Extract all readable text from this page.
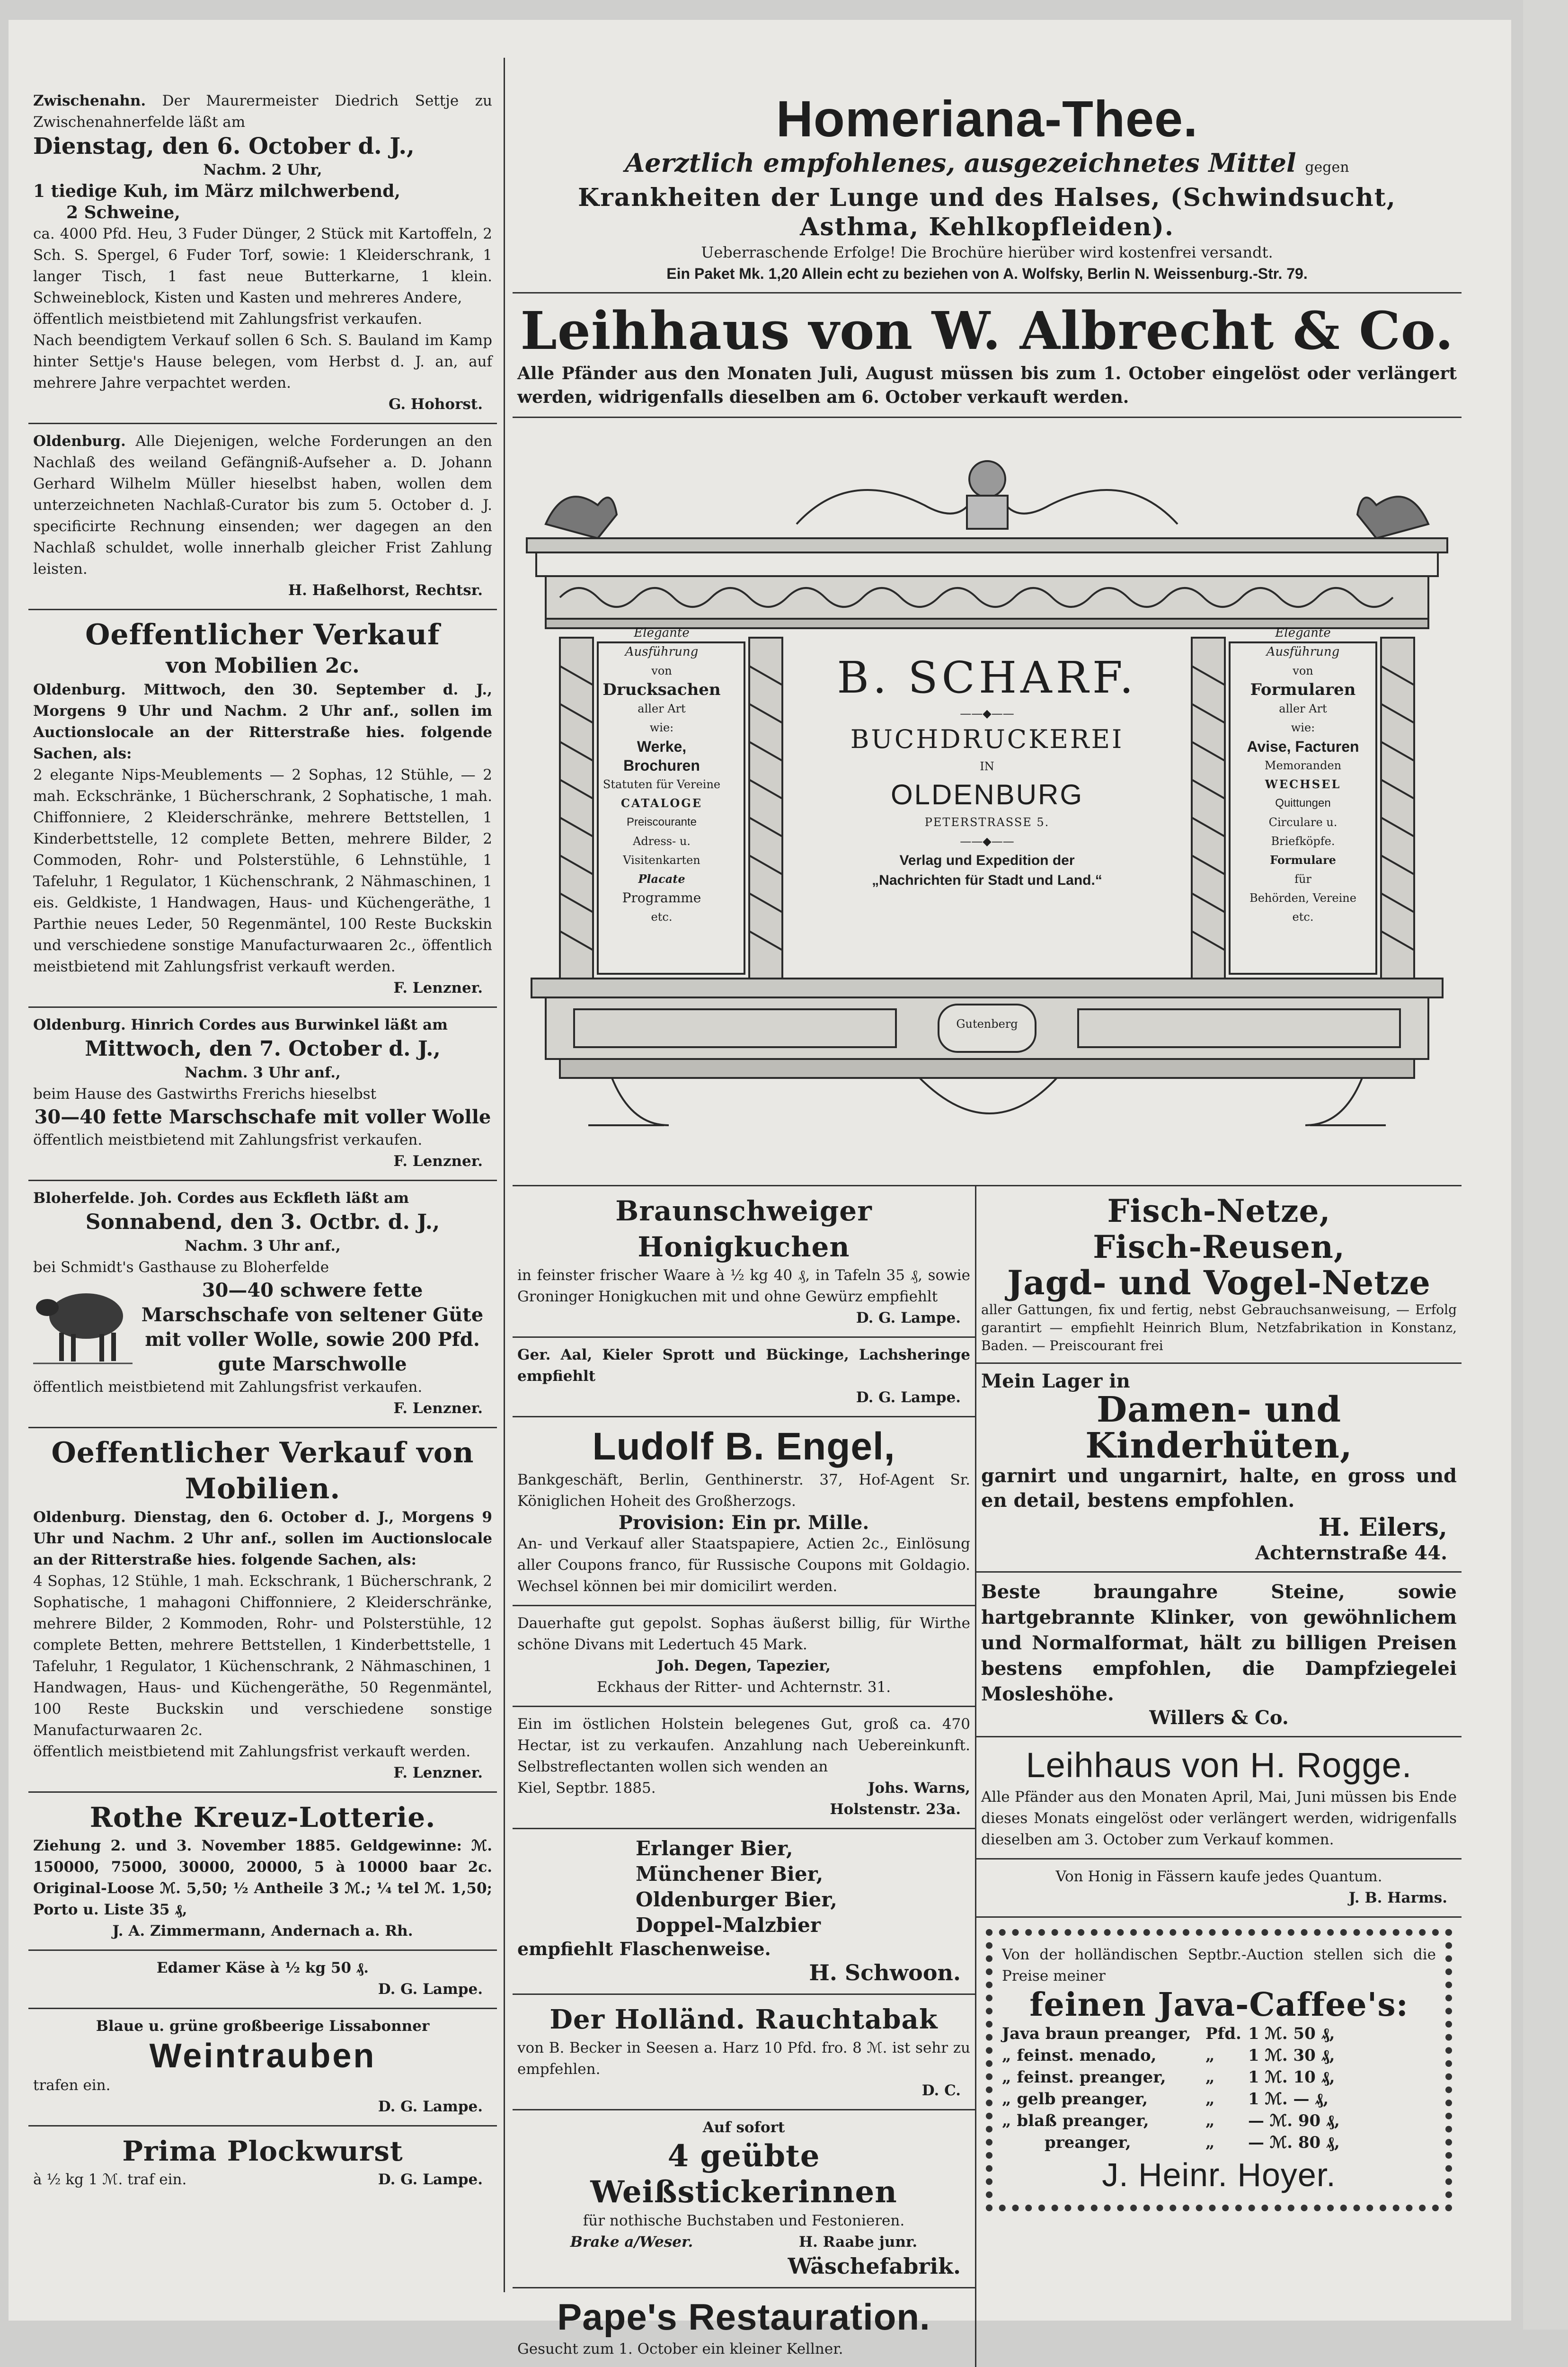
Zwischenahn. Der Maurermeister Diedrich Settje zu Zwischenahnerfelde läßt am

Dienstag, den 6. October d. J.,

Nachm. 2 Uhr,

1 tiedige Kuh, im März milchwerbend,

2 Schweine,

ca. 4000 Pfd. Heu, 3 Fuder Dünger, 2 Stück mit Kartoffeln, 2 Sch. S. Spergel, 6 Fuder Torf, sowie: 1 Kleiderschrank, 1 langer Tisch, 1 fast neue Butterkarne, 1 klein. Schweineblock, Kisten und Kasten und mehreres Andere,

öffentlich meistbietend mit Zahlungsfrist verkaufen.

Nach beendigtem Verkauf sollen 6 Sch. S. Bauland im Kamp hinter Settje's Hause belegen, vom Herbst d. J. an, auf mehrere Jahre verpachtet werden.

G. Hohorst.

Oldenburg. Alle Diejenigen, welche Forderungen an den Nachlaß des weiland Gefängniß-Aufseher a. D. Johann Gerhard Wilhelm Müller hieselbst haben, wollen dem unterzeichneten Nachlaß-Curator bis zum 5. October d. J. specificirte Rechnung einsenden; wer dagegen an den Nachlaß schuldet, wolle innerhalb gleicher Frist Zahlung leisten.

H. Haßelhorst, Rechtsr.

Oeffentlicher Verkauf

von Mobilien 2c.

Oldenburg. Mittwoch, den 30. September d. J., Morgens 9 Uhr und Nachm. 2 Uhr anf., sollen im Auctionslocale an der Ritterstraße hies. folgende Sachen, als:

2 elegante Nips-Meublements — 2 Sophas, 12 Stühle, — 2 mah. Eckschränke, 1 Bücherschrank, 2 Sophatische, 1 mah. Chiffonniere, 2 Kleiderschränke, mehrere Bettstellen, 1 Kinderbettstelle, 12 complete Betten, mehrere Bilder, 2 Commoden, Rohr- und Polsterstühle, 6 Lehnstühle, 1 Tafeluhr, 1 Regulator, 1 Küchenschrank, 2 Nähmaschinen, 1 eis. Geldkiste, 1 Handwagen, Haus- und Küchengeräthe, 1 Parthie neues Leder, 50 Regenmäntel, 100 Reste Buckskin und verschiedene sonstige Manufacturwaaren 2c., öffentlich meistbietend mit Zahlungsfrist verkauft werden.

F. Lenzner.

Oldenburg. Hinrich Cordes aus Burwinkel läßt am

Mittwoch, den 7. October d. J.,

Nachm. 3 Uhr anf.,

beim Hause des Gastwirths Frerichs hieselbst

30—40 fette Marschschafe mit voller Wolle

öffentlich meistbietend mit Zahlungsfrist verkaufen.

F. Lenzner.

Bloherfelde. Joh. Cordes aus Eckfleth läßt am

Sonnabend, den 3. Octbr. d. J.,

Nachm. 3 Uhr anf.,

bei Schmidt's Gasthause zu Bloherfelde

30—40 schwere fette Marschschafe von seltener Güte mit voller Wolle, sowie 200 Pfd. gute Marschwolle

öffentlich meistbietend mit Zahlungsfrist verkaufen.

F. Lenzner.

Oeffentlicher Verkauf von Mobilien.

Oldenburg. Dienstag, den 6. October d. J., Morgens 9 Uhr und Nachm. 2 Uhr anf., sollen im Auctionslocale an der Ritterstraße hies. folgende Sachen, als:

4 Sophas, 12 Stühle, 1 mah. Eckschrank, 1 Bücherschrank, 2 Sophatische, 1 mahagoni Chiffonniere, 2 Kleiderschränke, mehrere Bilder, 2 Kommoden, Rohr- und Polsterstühle, 12 complete Betten, mehrere Bettstellen, 1 Kinderbettstelle, 1 Tafeluhr, 1 Regulator, 1 Küchenschrank, 2 Nähmaschinen, 1 Handwagen, Haus- und Küchengeräthe, 50 Regenmäntel, 100 Reste Buckskin und verschiedene sonstige Manufacturwaaren 2c.

öffentlich meistbietend mit Zahlungsfrist verkauft werden.

F. Lenzner.

Rothe Kreuz-Lotterie.

Ziehung 2. und 3. November 1885. Geldgewinne: ℳ. 150000, 75000, 30000, 20000, 5 à 10000 baar 2c. Original-Loose ℳ. 5,50; ½ Antheile 3 ℳ.; ¼ tel ℳ. 1,50; Porto u. Liste 35 ₰,

J. A. Zimmermann, Andernach a. Rh.

Edamer Käse à ½ kg 50 ₰.

D. G. Lampe.

Blaue u. grüne großbeerige Lissabonner

Weintrauben

trafen ein.

D. G. Lampe.

Prima Plockwurst

à ½ kg 1 ℳ. traf ein.	D. G. Lampe.

Homeriana-Thee.

Aerztlich empfohlenes, ausgezeichnetes Mittel gegen

Krankheiten der Lunge und des Halses, (Schwindsucht, Asthma, Kehlkopfleiden).

Ueberraschende Erfolge! Die Brochüre hierüber wird kostenfrei versandt.

Ein Paket Mk. 1,20 Allein echt zu beziehen von A. Wolfsky, Berlin N. Weissenburg.-Str. 79.

Leihhaus von W. Albrecht & Co.

Alle Pfänder aus den Monaten Juli, August müssen bis zum 1. October eingelöst oder verlängert werden, widrigenfalls dieselben am 6. October verkauft werden.

Elegante Ausführung
von
Drucksachen
aller Art
wie:
Werke, Brochuren
Statuten für Vereine
CATALOGE
Preiscourante
Adress- u. Visitenkarten
Placate
Programme
etc.
B. SCHARF.
——◆——
BUCHDRUCKEREI
IN
OLDENBURG
PETERSTRASSE 5.
——◆——
Verlag und Expedition der „Nachrichten für Stadt und Land.“
Elegante Ausführung
von
Formularen
aller Art
wie:
Avise, Facturen
Memoranden
WECHSEL
Quittungen
Circulare u. Briefköpfe.
Formulare
für
Behörden, Vereine
etc.
Gutenberg

Braunschweiger Honigkuchen

in feinster frischer Waare à ½ kg 40 ₰, in Tafeln 35 ₰, sowie Groninger Honigkuchen mit und ohne Gewürz empfiehlt

D. G. Lampe.

Ger. Aal, Kieler Sprott und Bückinge, Lachsheringe empfiehlt

D. G. Lampe.

Ludolf B. Engel,

Bankgeschäft, Berlin, Genthinerstr. 37, Hof-Agent Sr. Königlichen Hoheit des Großherzogs.

Provision: Ein pr. Mille.

An- und Verkauf aller Staatspapiere, Actien 2c., Einlösung aller Coupons franco, für Russische Coupons mit Goldagio. Wechsel können bei mir domicilirt werden.

Dauerhafte gut gepolst. Sophas äußerst billig, für Wirthe schöne Divans mit Ledertuch 45 Mark.

Joh. Degen, Tapezier,

Eckhaus der Ritter- und Achternstr. 31.

Ein im östlichen Holstein belegenes Gut, groß ca. 470 Hectar, ist zu verkaufen. Anzahlung nach Uebereinkunft. Selbstreflectanten wollen sich wenden an

Kiel, Septbr. 1885.	Johs. Warns,

Holstenstr. 23a.

Erlanger Bier,

Münchener Bier,

Oldenburger Bier,

Doppel-Malzbier

empfiehlt Flaschenweise.

H. Schwoon.

Der Holländ. Rauchtabak

von B. Becker in Seesen a. Harz 10 Pfd. fro. 8 ℳ. ist sehr zu empfehlen.

D. C.

Auf sofort

4 geübte Weißstickerinnen

für nothische Buchstaben und Festonieren.

Brake a/Weser.	H. Raabe junr.

Wäschefabrik.

Pape's Restauration.

Gesucht zum 1. October ein kleiner Kellner.

Fisch-Netze,

Fisch-Reusen,

Jagd- und Vogel-Netze

aller Gattungen, fix und fertig, nebst Gebrauchsanweisung, — Erfolg garantirt — empfiehlt Heinrich Blum, Netzfabrikation in Konstanz, Baden. — Preiscourant frei

Mein Lager in

Damen- und Kinderhüten,

garnirt und ungarnirt, halte, en gross und en detail, bestens empfohlen.

H. Eilers,

Achternstraße 44.

Beste braungahre Steine, sowie hartgebrannte Klinker, von gewöhnlichem und Normalformat, hält zu billigen Preisen bestens empfohlen, die Dampfziegelei Mosleshöhe.

Willers & Co.

Leihhaus von H. Rogge.

Alle Pfänder aus den Monaten April, Mai, Juni müssen bis Ende dieses Monats eingelöst oder verlängert werden, widrigenfalls dieselben am 3. October zum Verkauf kommen.

Von Honig in Fässern kaufe jedes Quantum.

J. B. Harms.

Von der holländischen Septbr.-Auction stellen sich die Preise meiner

feinen Java-Caffee's:

Java braun preanger, Pfd. 1 ℳ. 50 ₰,
„ feinst. menado,	„	1 ℳ. 30 ₰,
„ feinst. preanger,	„	1 ℳ. 10 ₰,
„ gelb preanger,	„	1 ℳ. — ₰,
„ blaß preanger,	„	— ℳ. 90 ₰,
preanger,	„	— ℳ. 80 ₰,

J. Heinr. Hoyer.
